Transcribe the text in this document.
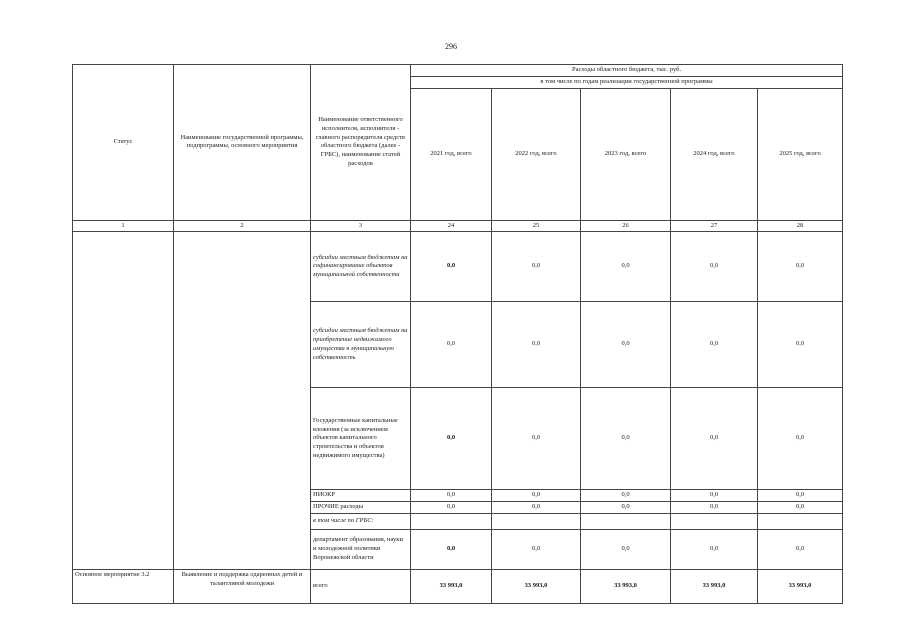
296
Статус	Наименование государственной программы, подпрограммы, основного мероприятия	Наименование ответственного исполнителя, исполнителя - главного распорядителя средств областного бюджета (далее - ГРБС), наименование статей расходов	Расходы областного бюджета, тыс. руб.				
			в том числе по годам реализации государственной программы				
			2021 год, всего	2022 год, всего	2023 год, всего	2024 год, всего	2025 год, всего
1	2	3	24	25	26	27	28
		субсидии местным бюджетам на софинансирование объектов муниципальной собственности	0,0	0,0	0,0	0,0	0,0
		субсидии местным бюджетам на приобретение недвижимого имущества в муниципальную собственность	0,0	0,0	0,0	0,0	0,0
		Государственные капитальные вложения (за исключением объектов капитального строительства и объектов недвижимого имущества)	0,0	0,0	0,0	0,0	0,0
		НИОКР	0,0	0,0	0,0	0,0	0,0
		ПРОЧИЕ расходы	0,0	0,0	0,0	0,0	0,0
		в том числе по ГРБС:					
		департамент образования, науки и молодежной политики Воронежской области	0,0	0,0	0,0	0,0	0,0
Основное мероприятие 3.2	Выявление и поддержка одаренных детей и талантливой молодежи	всего	33 993,0	33 993,0	33 993,0	33 993,0	33 993,0
